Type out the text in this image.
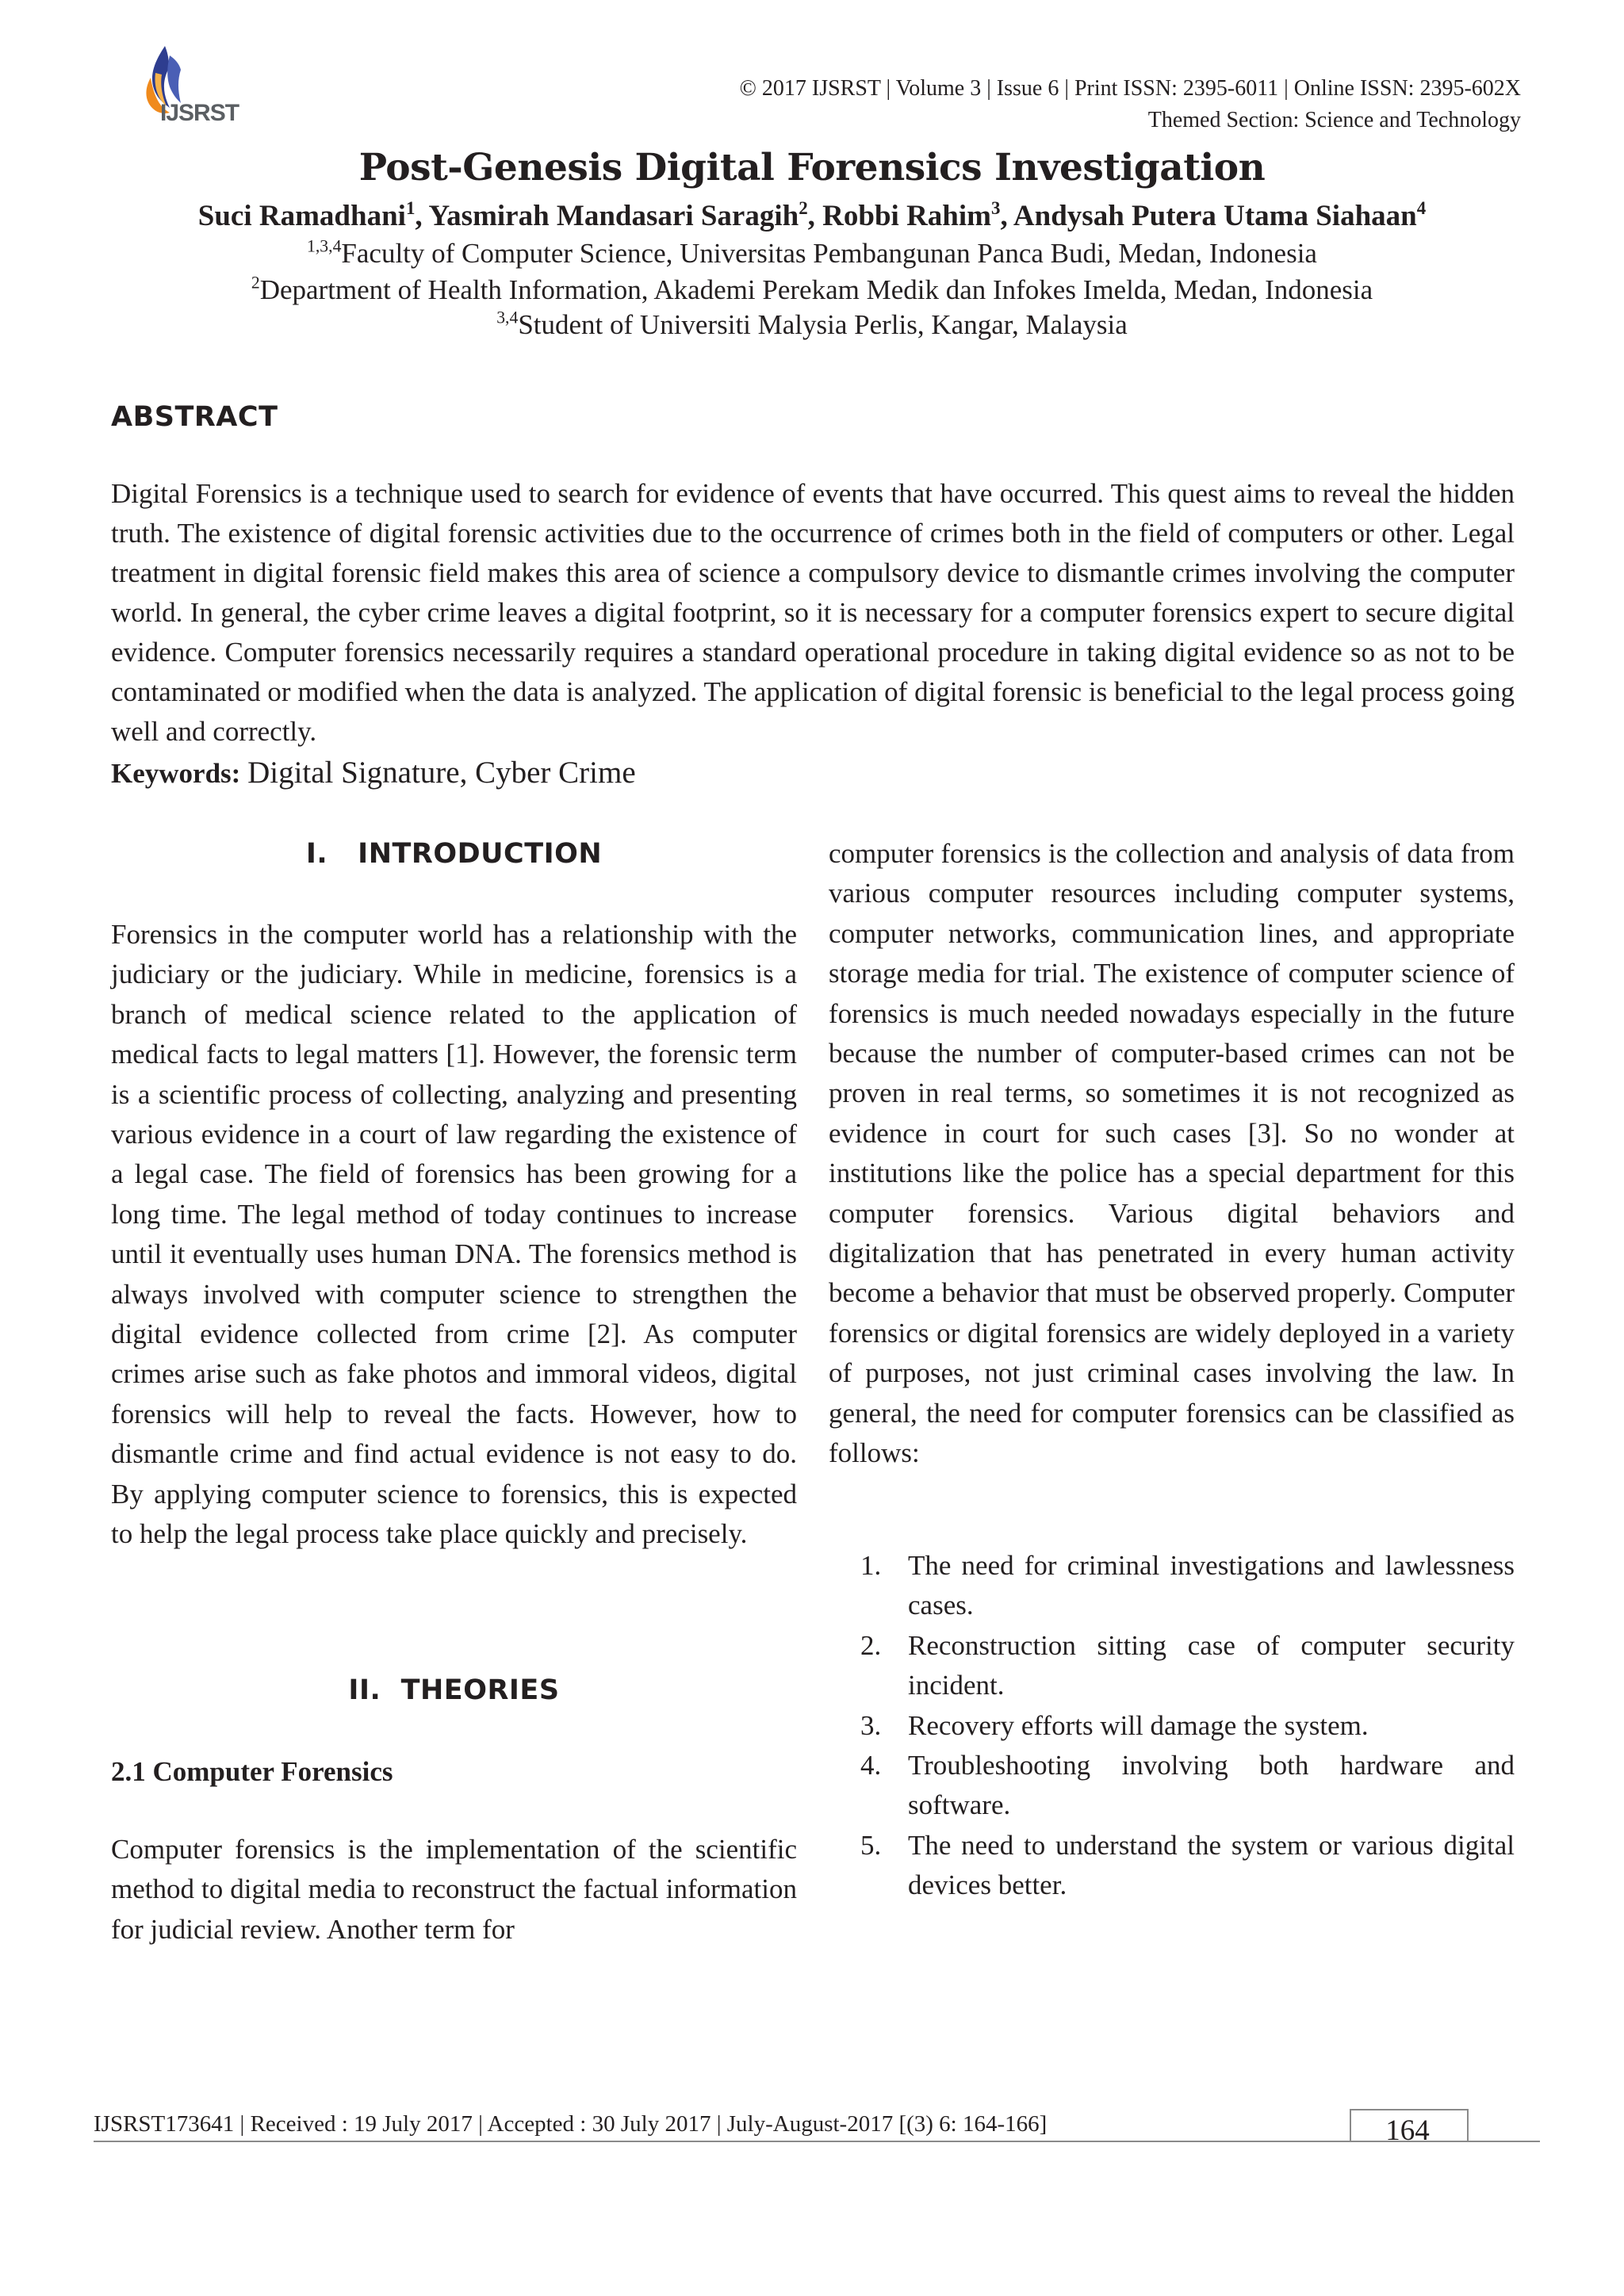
IJSRST
© 2017 IJSRST | Volume 3 | Issue 6 | Print ISSN: 2395-6011 | Online ISSN: 2395-602X
Themed Section: Science and Technology
Post-Genesis Digital Forensics Investigation
Suci Ramadhani$^1$, Yasmirah Mandasari Saragih$^2$, Robbi Rahim$^3$, Andysah Putera Utama Siahaan$^4$
$^{1,3,4}$Faculty of Computer Science, Universitas Pembangunan Panca Budi, Medan, Indonesia
$^2$Department of Health Information, Akademi Perekam Medik dan Infokes Imelda, Medan, Indonesia
$^{3,4}$Student of Universiti Malysia Perlis, Kangar, Malaysia
ABSTRACT
Digital Forensics is a technique used to search for evidence of events that have occurred. This quest aims to reveal the hidden truth. The existence of digital forensic activities due to the occurrence of crimes both in the field of computers or other. Legal treatment in digital forensic field makes this area of science a compulsory device to dismantle crimes involving the computer world. In general, the cyber crime leaves a digital footprint, so it is necessary for a computer forensics expert to secure digital evidence. Computer forensics necessarily requires a standard operational procedure in taking digital evidence so as not to be contaminated or modified when the data is analyzed. The application of digital forensic is beneficial to the legal process going well and correctly.
Keywords: Digital Signature, Cyber Crime
I.   INTRODUCTION
Forensics in the computer world has a relationship with the judiciary or the judiciary. While in medicine, forensics is a branch of medical science related to the application of medical facts to legal matters [1]. However, the forensic term is a scientific process of collecting, analyzing and presenting various evidence in a court of law regarding the existence of a legal case. The field of forensics has been growing for a long time. The legal method of today continues to increase until it eventually uses human DNA. The forensics method is always involved with computer science to strengthen the digital evidence collected from crime [2]. As computer crimes arise such as fake photos and immoral videos, digital forensics will help to reveal the facts. However, how to dismantle crime and find actual evidence is not easy to do. By applying computer science to forensics, this is expected to help the legal process take place quickly and precisely.
II.  THEORIES
2.1 Computer Forensics
Computer forensics is the implementation of the scientific method to digital media to reconstruct the factual information for judicial review. Another term for
computer forensics is the collection and analysis of data from various computer resources including computer systems, computer networks, communication lines, and appropriate storage media for trial. The existence of computer science of forensics is much needed nowadays especially in the future because the number of computer-based crimes can not be proven in real terms, so sometimes it is not recognized as evidence in court for such cases [3]. So no wonder at institutions like the police has a special department for this computer forensics. Various digital behaviors and digitalization that has penetrated in every human activity become a behavior that must be observed properly. Computer forensics or digital forensics are widely deployed in a variety of purposes, not just criminal cases involving the law. In general, the need for computer forensics can be classified as follows:
1. The need for criminal investigations and lawlessness cases.
2. Reconstruction sitting case of computer security incident.
3. Recovery efforts will damage the system.
4. Troubleshooting involving both hardware and software.
5. The need to understand the system or various digital devices better.
IJSRST173641 | Received : 19 July 2017 | Accepted : 30 July 2017 | July-August-2017 [(3) 6: 164-166]	164
